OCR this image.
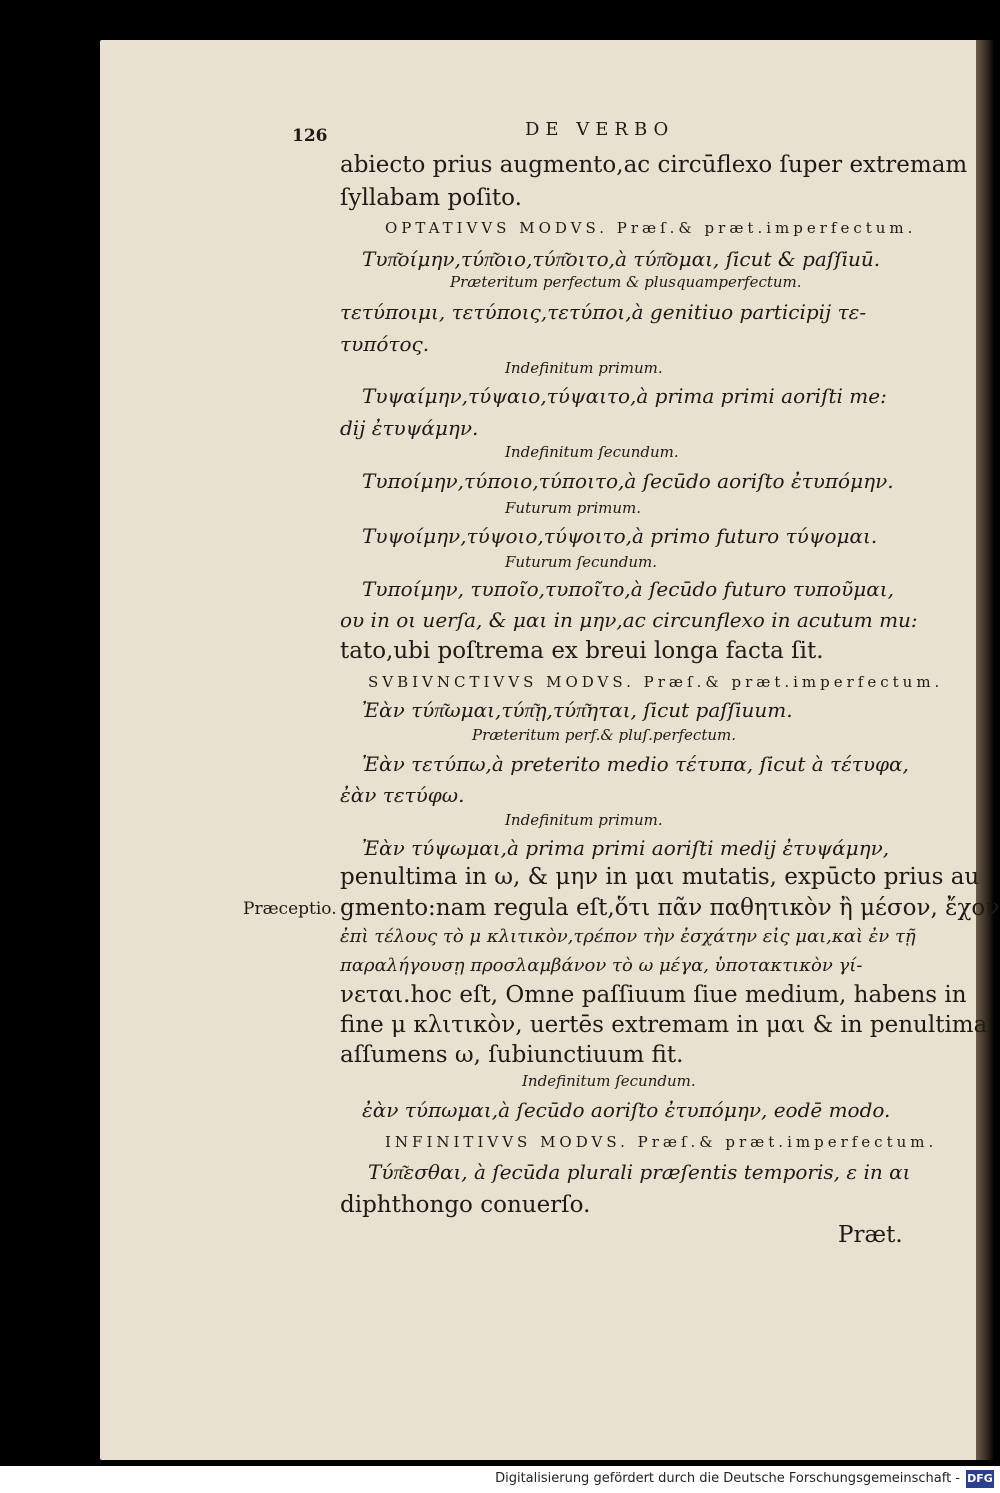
126	DE VERBO
Præceptio.
abiecto prius augmento,ac circūflexo ſuper extremam
ſyllabam poſito.
OPTATIVVS MODVS. Præſ.& præt.imperfectum.
Τυπ͂οίμην,τύπ͂οιο,τύπ͂οιτο,à τύπ͂ομαι, ſicut & paſſiuū.
Præteritum perfectum & plusquamperfectum.
τετύποιμι, τετύποις,τετύποι,à genitiuo participij τε-
τυπότος.
Indefinitum primum.
Τυψαίμην,τύψαιο,τύψαιτο,à prima primi aoriſti me:
dij ἐτυψάμην.
Indefinitum ſecundum.
Τυποίμην,τύποιο,τύποιτο,à ſecūdo aoriſto ἐτυπόμην.
Futurum primum.
Τυψοίμην,τύψοιο,τύψοιτο,à primo futuro τύψομαι.
Futurum ſecundum.
Τυποίμην, τυποῖο,τυποῖτο,à ſecūdo futuro τυποῦμαι,
ου in οι uerſa, & μαι in μην,ac circunflexo in acutum mu:
tato,ubi poſtrema ex breui longa facta ſit.
SVBIVNCTIVVS MODVS. Præſ.& præt.imperfectum.
Ἐὰν τύπ͂ωμαι,τύπ͂ῃ,τύπ͂ηται, ſicut paſſiuum.
Præteritum perf.& pluſ.perfectum.
Ἐὰν τετύπω,à preterito medio τέτυπα, ſicut à τέτυφα,
ἐὰν τετύφω.
Indefinitum primum.
Ἐὰν τύψωμαι,à prima primi aoriſti medij ἐτυψάμην,
penultima in ω, & μην in μαι mutatis, expūcto prius au
gmento:nam regula eſt,ὅτι πᾶν παθητικὸν ἢ μέσον, ἔχον
ἐπὶ τέλους τὸ μ κλιτικὸν,τρέπον τὴν ἐσχάτην εἰς μαι,καὶ ἐν τῇ
παραλήγουσῃ προσλαμβάνον τὸ ω μέγα, ὑποτακτικὸν γί-
νεται.hoc eſt, Omne paſſiuum ſiue medium, habens in
fine μ κλιτικὸν, uertēs extremam in μαι & in penultima
aſſumens ω, ſubiunctiuum fit.
Indefinitum ſecundum.
ἐὰν τύπωμαι,à ſecūdo aoriſto ἐτυπόμην, eodē modo.
INFINITIVVS MODVS. Præſ.& præt.imperfectum.
Τύπ͂εσθαι, à ſecūda plurali præſentis temporis, ε in αι
diphthongo conuerſo.
Præt.
Digitalisierung gefördert durch die Deutsche Forschungsgemeinschaft - DFG
